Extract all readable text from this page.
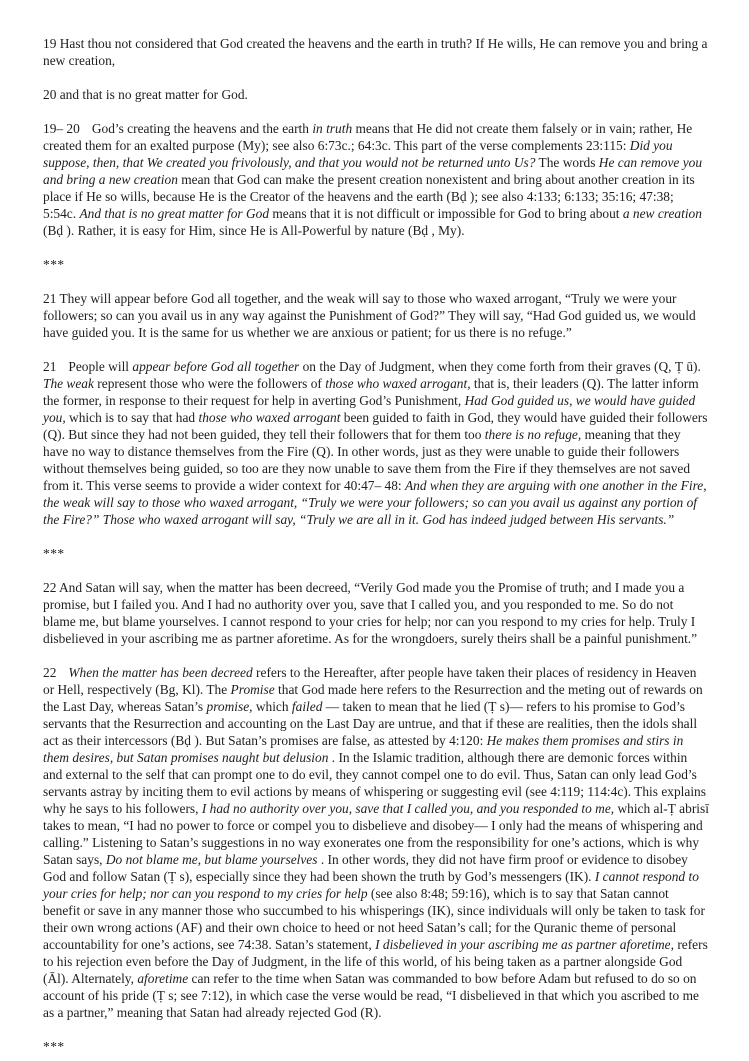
19 Hast thou not considered that God created the heavens and the earth in truth? If He wills, He can remove you and bring a new creation,

20 and that is no great matter for God.

19– 20 God’s creating the heavens and the earth in truth means that He did not create them falsely or in vain; rather, He created them for an exalted purpose (My); see also 6:73c.; 64:3c. This part of the verse complements 23:115: Did you suppose, then, that We created you frivolously, and that you would not be returned unto Us? The words He can remove you and bring a new creation mean that God can make the present creation nonexistent and bring about another creation in its place if He so wills, because He is the Creator of the heavens and the earth (Bḍ ); see also 4:133; 6:133; 35:16; 47:38; 5:54c. And that is no great matter for God means that it is not difficult or impossible for God to bring about a new creation (Bḍ ). Rather, it is easy for Him, since He is All-Powerful by nature (Bḍ , My).

***

21 They will appear before God all together, and the weak will say to those who waxed arrogant, “Truly we were your followers; so can you avail us in any way against the Punishment of God?” They will say, “Had God guided us, we would have guided you. It is the same for us whether we are anxious or patient; for us there is no refuge.”

21 People will appear before God all together on the Day of Judgment, when they come forth from their graves (Q, Ṭ ū). The weak represent those who were the followers of those who waxed arrogant, that is, their leaders (Q). The latter inform the former, in response to their request for help in averting God’s Punishment, Had God guided us, we would have guided you, which is to say that had those who waxed arrogant been guided to faith in God, they would have guided their followers (Q). But since they had not been guided, they tell their followers that for them too there is no refuge, meaning that they have no way to distance themselves from the Fire (Q). In other words, just as they were unable to guide their followers without themselves being guided, so too are they now unable to save them from the Fire if they themselves are not saved from it. This verse seems to provide a wider context for 40:47– 48: And when they are arguing with one another in the Fire, the weak will say to those who waxed arrogant, “Truly we were your followers; so can you avail us against any portion of the Fire?” Those who waxed arrogant will say, “Truly we are all in it. God has indeed judged between His servants.”

***

22 And Satan will say, when the matter has been decreed, “Verily God made you the Promise of truth; and I made you a promise, but I failed you. And I had no authority over you, save that I called you, and you responded to me. So do not blame me, but blame yourselves. I cannot respond to your cries for help; nor can you respond to my cries for help. Truly I disbelieved in your ascribing me as partner aforetime. As for the wrongdoers, surely theirs shall be a painful punishment.”

22 When the matter has been decreed refers to the Hereafter, after people have taken their places of residency in Heaven or Hell, respectively (Bg, Kl). The Promise that God made here refers to the Resurrection and the meting out of rewards on the Last Day, whereas Satan’s promise, which failed — taken to mean that he lied (Ṭ s)— refers to his promise to God’s servants that the Resurrection and accounting on the Last Day are untrue, and that if these are realities, then the idols shall act as their intercessors (Bḍ ). But Satan’s promises are false, as attested by 4:120: He makes them promises and stirs in them desires, but Satan promises naught but delusion . In the Islamic tradition, although there are demonic forces within and external to the self that can prompt one to do evil, they cannot compel one to do evil. Thus, Satan can only lead God’s servants astray by inciting them to evil actions by means of whispering or suggesting evil (see 4:119; 114:4c). This explains why he says to his followers, I had no authority over you, save that I called you, and you responded to me, which al-Ṭ abrisī takes to mean, “I had no power to force or compel you to disbelieve and disobey— I only had the means of whispering and calling.” Listening to Satan’s suggestions in no way exonerates one from the responsibility for one’s actions, which is why Satan says, Do not blame me, but blame yourselves . In other words, they did not have firm proof or evidence to disobey God and follow Satan (Ṭ s), especially since they had been shown the truth by God’s messengers (IK). I cannot respond to your cries for help; nor can you respond to my cries for help (see also 8:48; 59:16), which is to say that Satan cannot benefit or save in any manner those who succumbed to his whisperings (IK), since individuals will only be taken to task for their own wrong actions (AF) and their own choice to heed or not heed Satan’s call; for the Quranic theme of personal accountability for one’s actions, see 74:38. Satan’s statement, I disbelieved in your ascribing me as partner aforetime, refers to his rejection even before the Day of Judgment, in the life of this world, of his being taken as a partner alongside God (Āl). Alternately, aforetime can refer to the time when Satan was commanded to bow before Adam but refused to do so on account of his pride (Ṭ s; see 7:12), in which case the verse would be read, “I disbelieved in that which you ascribed to me as a partner,” meaning that Satan had already rejected God (R).

***
